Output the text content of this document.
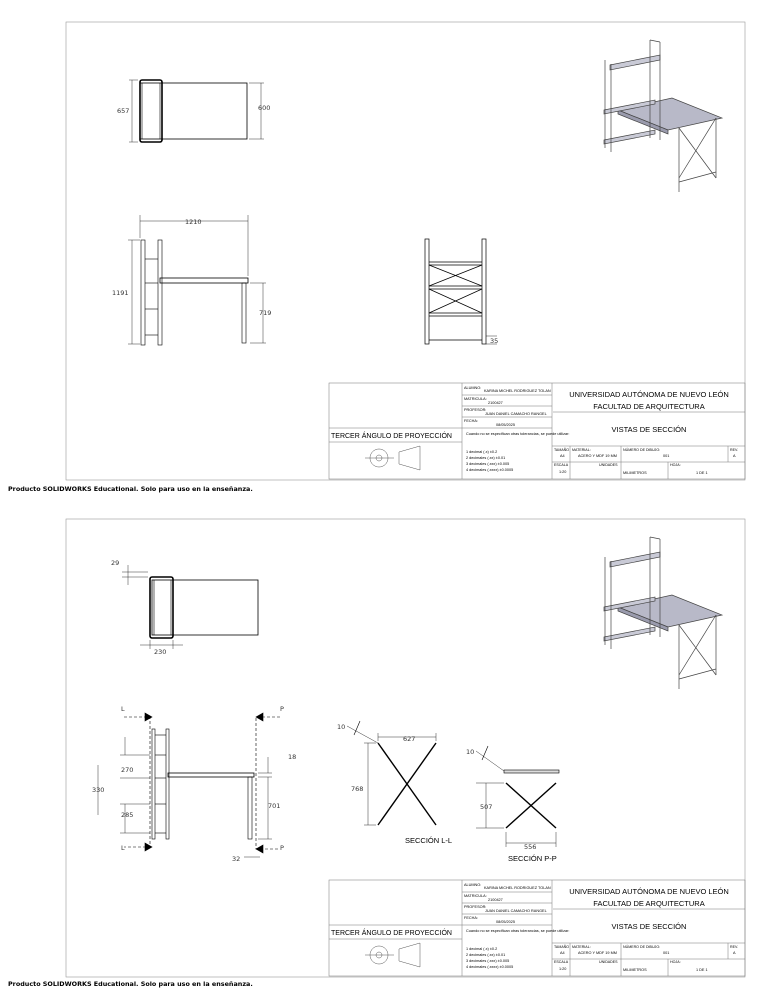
657	600
1210
1191
719
35
ALUMNO:
KARINA MICHEL RODRIGUEZ TOLAN
MATRICULA:
2100427
PROFESOR:
JUAN DANIEL CAMACHO RANGEL
FECHA:
08/05/2025
Cuando no se especifican otras tolerancias, se puede utilizar:
1 decimal (.x) ±0.2
2 decimales (.xx) ±0.01
3 decimales (.xxx) ±0.005
4 decimales (.xxxx) ±0.0005
TERCER ÁNGULO DE PROYECCIÓN
UNIVERSIDAD AUTÓNOMA DE NUEVO LEÓN
FACULTAD DE ARQUITECTURA
VISTAS DE SECCIÓN
TAMAÑO
A4
MATERIAL:
ACERO Y MDF 19 MM
NÚMERO DE DIBUJO:
001
REV.
A
ESCALA
1:20
UNIDADES
MILIMETROS
HOJA:
1 DE 1
Producto SOLIDWORKS Educational. Solo para uso en la enseñanza.
29
230
L	P
L	P
18
270
330
285
701
32
10
627
768
SECCIÓN L-L
10
507
556
SECCIÓN P-P
ALUMNO:
KARINA MICHEL RODRIGUEZ TOLAN
MATRICULA:
2100427
PROFESOR:
JUAN DANIEL CAMACHO RANGEL
FECHA:
08/05/2025
Cuando no se especifican otras tolerancias, se puede utilizar:
1 decimal (.x) ±0.2
2 decimales (.xx) ±0.01
3 decimales (.xxx) ±0.005
4 decimales (.xxxx) ±0.0005
TERCER ÁNGULO DE PROYECCIÓN
UNIVERSIDAD AUTÓNOMA DE NUEVO LEÓN
FACULTAD DE ARQUITECTURA
VISTAS DE SECCIÓN
TAMAÑO
A4
MATERIAL:
ACERO Y MDF 19 MM
NÚMERO DE DIBUJO:
001
REV.
A
ESCALA
1:20
UNIDADES
MILIMETROS
HOJA:
1 DE 1
Producto SOLIDWORKS Educational. Solo para uso en la enseñanza.
